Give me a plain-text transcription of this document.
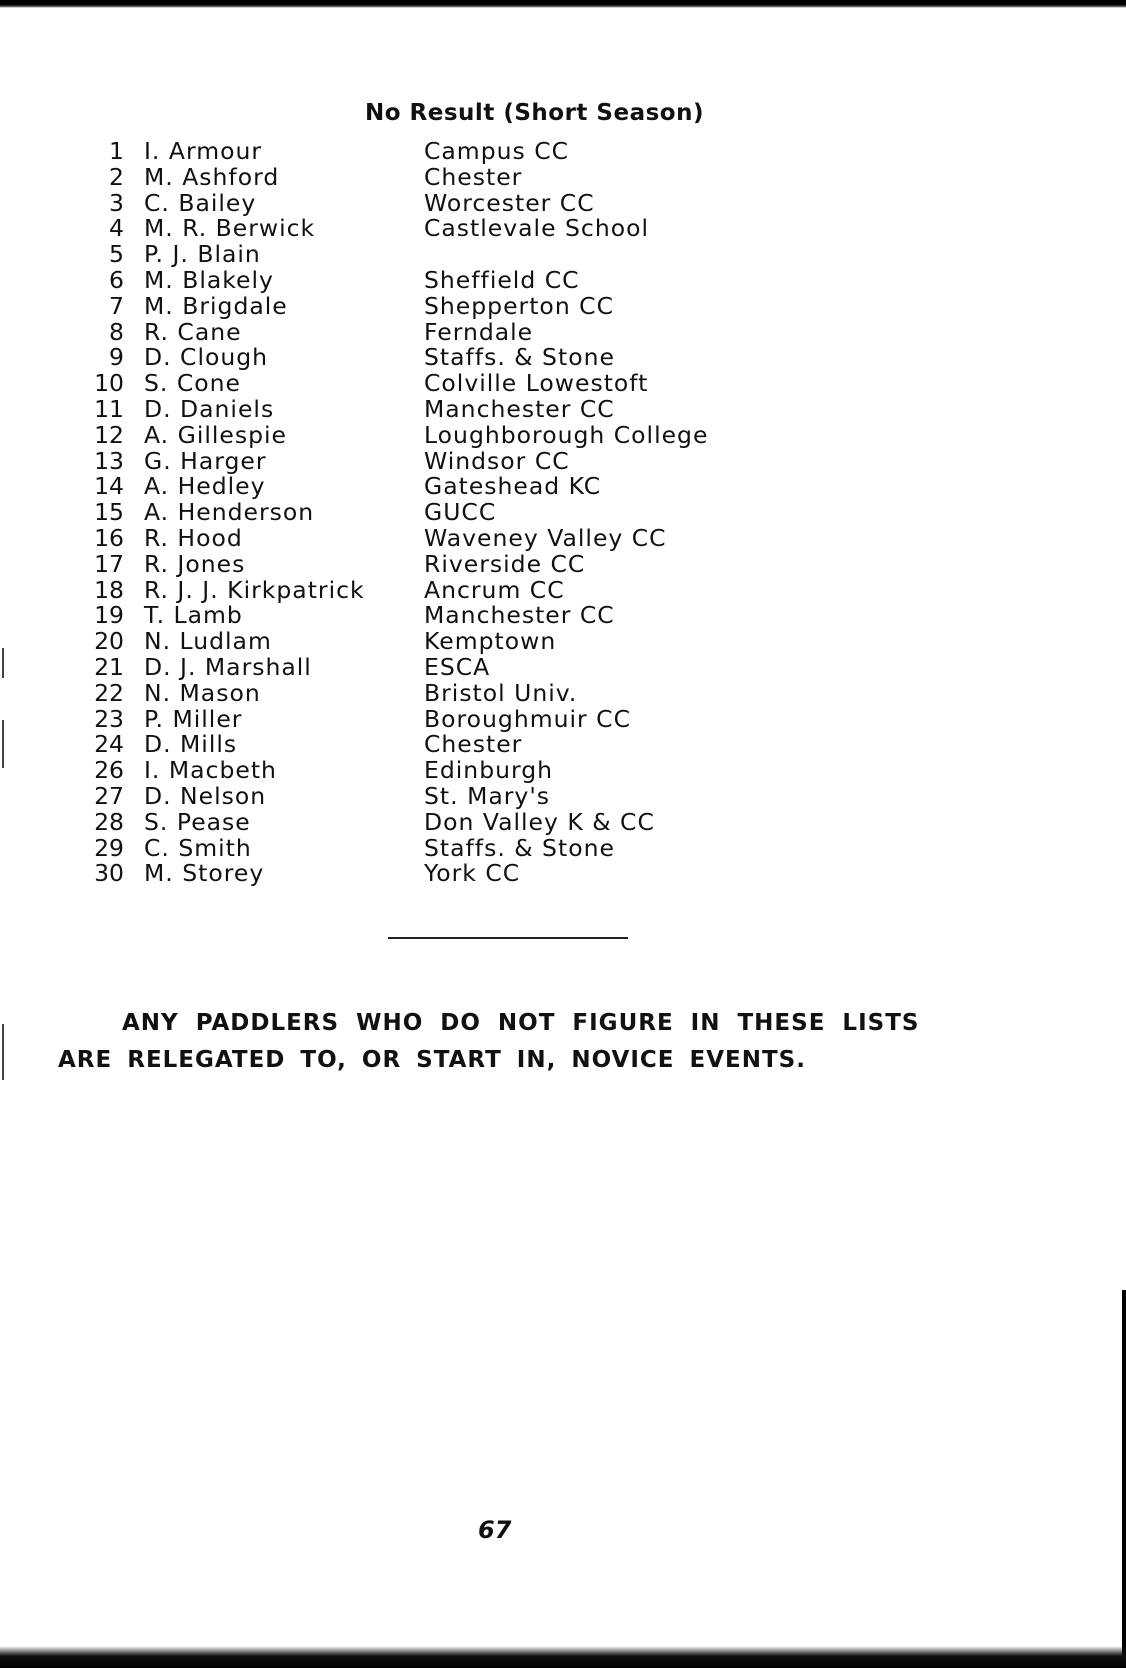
No Result (Short Season)
1 I. Armour	Campus CC
2 M. Ashford	Chester
3 C. Bailey	Worcester CC
4 M. R. Berwick	Castlevale School
5 P. J. Blain
6 M. Blakely	Sheffield CC
7 M. Brigdale	Shepperton CC
8 R. Cane	Ferndale
9 D. Clough	Staffs. & Stone
10 S. Cone	Colville Lowestoft
11 D. Daniels	Manchester CC
12 A. Gillespie	Loughborough College
13 G. Harger	Windsor CC
14 A. Hedley	Gateshead KC
15 A. Henderson	GUCC
16 R. Hood	Waveney Valley CC
17 R. Jones	Riverside CC
18 R. J. J. Kirkpatrick	Ancrum CC
19 T. Lamb	Manchester CC
20 N. Ludlam	Kemptown
21 D. J. Marshall	ESCA
22 N. Mason	Bristol Univ.
23 P. Miller	Boroughmuir CC
24 D. Mills	Chester
26 I. Macbeth	Edinburgh
27 D. Nelson	St. Mary's
28 S. Pease	Don Valley K & CC
29 C. Smith	Staffs. & Stone
30 M. Storey	York CC

ANY PADDLERS WHO DO NOT FIGURE IN THESE LISTS
ARE RELEGATED TO, OR START IN, NOVICE EVENTS.

67
